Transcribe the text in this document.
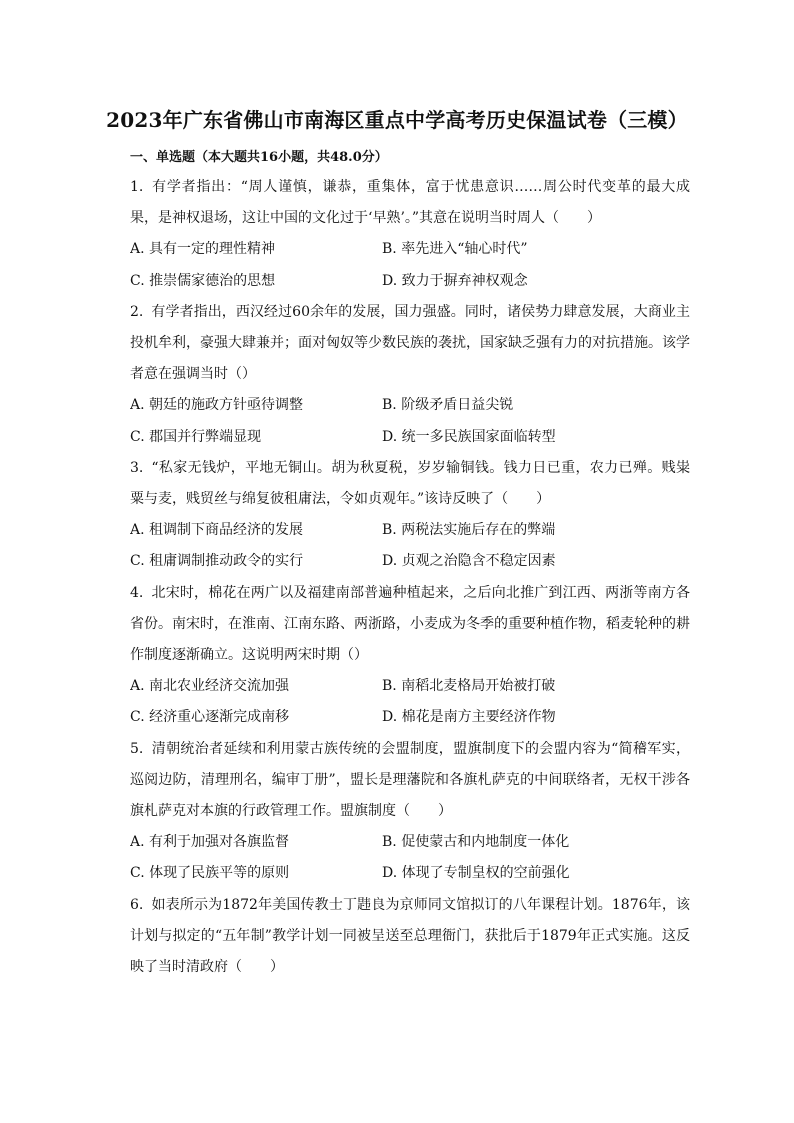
2023年广东省佛山市南海区重点中学高考历史保温试卷（三模）
一、单选题（本大题共16小题，共48.0分）

1. 有学者指出：“周人谨慎，谦恭，重集体，富于忧患意识……周公时代变革的最大成果，是神权退场，这让中国的文化过于‘早熟’。”其意在说明当时周人（　　）

A. 具有一定的理性精神	B. 率先进入“轴心时代”
C. 推崇儒家德治的思想	D. 致力于摒弃神权观念

2. 有学者指出，西汉经过60余年的发展，国力强盛。同时，诸侯势力肆意发展，大商业主投机牟利，豪强大肆兼并；面对匈奴等少数民族的袭扰，国家缺乏强有力的对抗措施。该学者意在强调当时（）

A. 朝廷的施政方针亟待调整	B. 阶级矛盾日益尖锐
C. 郡国并行弊端显现	D. 统一多民族国家面临转型

3. “私家无钱炉，平地无铜山。胡为秋夏税，岁岁输铜钱。钱力日已重，农力已殚。贱粜粟与麦，贱贸丝与绵复彼租庸法，令如贞观年。”该诗反映了（　　）

A. 租调制下商品经济的发展	B. 两税法实施后存在的弊端
C. 租庸调制推动政令的实行	D. 贞观之治隐含不稳定因素

4. 北宋时，棉花在两广以及福建南部普遍种植起来，之后向北推广到江西、两浙等南方各省份。南宋时，在淮南、江南东路、两浙路，小麦成为冬季的重要种植作物，稻麦轮种的耕作制度逐渐确立。这说明两宋时期（）

A. 南北农业经济交流加强	B. 南稻北麦格局开始被打破
C. 经济重心逐渐完成南移	D. 棉花是南方主要经济作物

5. 清朝统治者延续和利用蒙古族传统的会盟制度，盟旗制度下的会盟内容为“简稽军实，巡阅边防，清理刑名，编审丁册”，盟长是理藩院和各旗札萨克的中间联络者，无权干涉各旗札萨克对本旗的行政管理工作。盟旗制度（　　）

A. 有利于加强对各旗监督	B. 促使蒙古和内地制度一体化
C. 体现了民族平等的原则	D. 体现了专制皇权的空前强化

6. 如表所示为1872年美国传教士丁韪良为京师同文馆拟订的八年课程计划。1876年，该计划与拟定的“五年制”教学计划一同被呈送至总理衙门，获批后于1879年正式实施。这反映了当时清政府（　　）
